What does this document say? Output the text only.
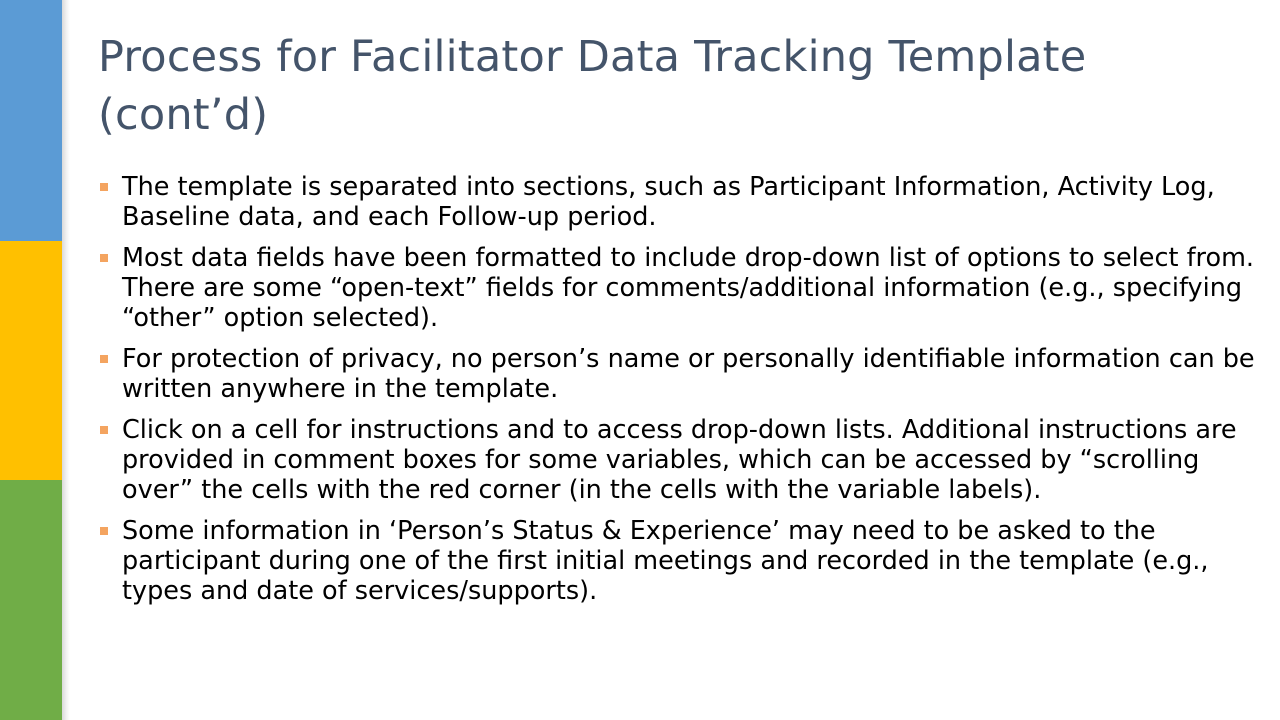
Process for Facilitator Data Tracking Template (cont’d)
The template is separated into sections, such as Participant Information, Activity Log, Baseline data, and each Follow-up period.
Most data fields have been formatted to include drop-down list of options to select from. There are some “open-text” fields for comments/additional information (e.g., specifying “other” option selected).
For protection of privacy, no person’s name or personally identifiable information can be written anywhere in the template.
Click on a cell for instructions and to access drop-down lists. Additional instructions are provided in comment boxes for some variables, which can be accessed by “scrolling over” the cells with the red corner (in the cells with the variable labels).
Some information in ‘Person’s Status & Experience’ may need to be asked to the participant during one of the first initial meetings and recorded in the template (e.g., types and date of services/supports).
